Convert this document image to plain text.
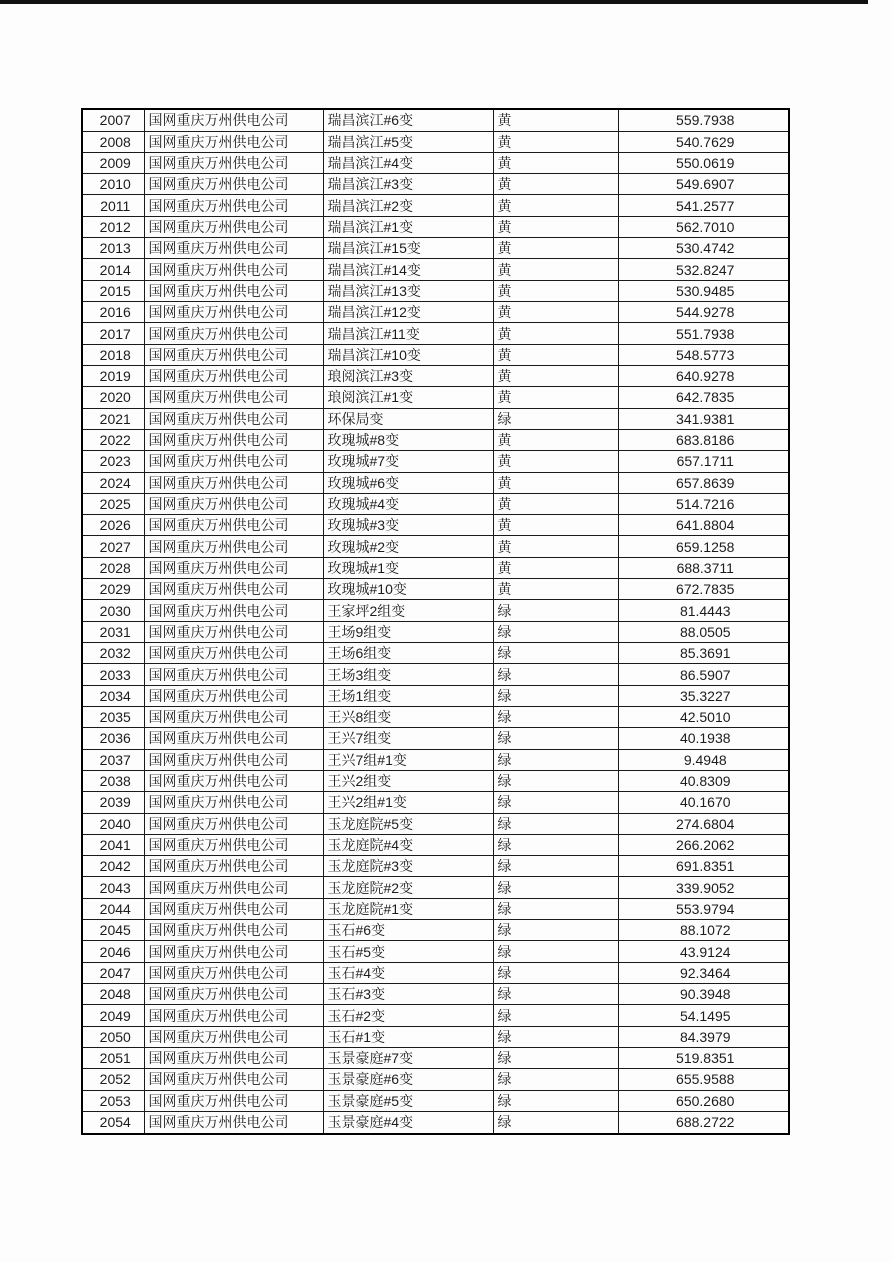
2007	国网重庆万州供电公司	瑞昌滨江#6变	黄	559.7938
2008	国网重庆万州供电公司	瑞昌滨江#5变	黄	540.7629
2009	国网重庆万州供电公司	瑞昌滨江#4变	黄	550.0619
2010	国网重庆万州供电公司	瑞昌滨江#3变	黄	549.6907
2011	国网重庆万州供电公司	瑞昌滨江#2变	黄	541.2577
2012	国网重庆万州供电公司	瑞昌滨江#1变	黄	562.7010
2013	国网重庆万州供电公司	瑞昌滨江#15变	黄	530.4742
2014	国网重庆万州供电公司	瑞昌滨江#14变	黄	532.8247
2015	国网重庆万州供电公司	瑞昌滨江#13变	黄	530.9485
2016	国网重庆万州供电公司	瑞昌滨江#12变	黄	544.9278
2017	国网重庆万州供电公司	瑞昌滨江#11变	黄	551.7938
2018	国网重庆万州供电公司	瑞昌滨江#10变	黄	548.5773
2019	国网重庆万州供电公司	琅阅滨江#3变	黄	640.9278
2020	国网重庆万州供电公司	琅阅滨江#1变	黄	642.7835
2021	国网重庆万州供电公司	环保局变	绿	341.9381
2022	国网重庆万州供电公司	玫瑰城#8变	黄	683.8186
2023	国网重庆万州供电公司	玫瑰城#7变	黄	657.1711
2024	国网重庆万州供电公司	玫瑰城#6变	黄	657.8639
2025	国网重庆万州供电公司	玫瑰城#4变	黄	514.7216
2026	国网重庆万州供电公司	玫瑰城#3变	黄	641.8804
2027	国网重庆万州供电公司	玫瑰城#2变	黄	659.1258
2028	国网重庆万州供电公司	玫瑰城#1变	黄	688.3711
2029	国网重庆万州供电公司	玫瑰城#10变	黄	672.7835
2030	国网重庆万州供电公司	王家坪2组变	绿	81.4443
2031	国网重庆万州供电公司	王场9组变	绿	88.0505
2032	国网重庆万州供电公司	王场6组变	绿	85.3691
2033	国网重庆万州供电公司	王场3组变	绿	86.5907
2034	国网重庆万州供电公司	王场1组变	绿	35.3227
2035	国网重庆万州供电公司	王兴8组变	绿	42.5010
2036	国网重庆万州供电公司	王兴7组变	绿	40.1938
2037	国网重庆万州供电公司	王兴7组#1变	绿	9.4948
2038	国网重庆万州供电公司	王兴2组变	绿	40.8309
2039	国网重庆万州供电公司	王兴2组#1变	绿	40.1670
2040	国网重庆万州供电公司	玉龙庭院#5变	绿	274.6804
2041	国网重庆万州供电公司	玉龙庭院#4变	绿	266.2062
2042	国网重庆万州供电公司	玉龙庭院#3变	绿	691.8351
2043	国网重庆万州供电公司	玉龙庭院#2变	绿	339.9052
2044	国网重庆万州供电公司	玉龙庭院#1变	绿	553.9794
2045	国网重庆万州供电公司	玉石#6变	绿	88.1072
2046	国网重庆万州供电公司	玉石#5变	绿	43.9124
2047	国网重庆万州供电公司	玉石#4变	绿	92.3464
2048	国网重庆万州供电公司	玉石#3变	绿	90.3948
2049	国网重庆万州供电公司	玉石#2变	绿	54.1495
2050	国网重庆万州供电公司	玉石#1变	绿	84.3979
2051	国网重庆万州供电公司	玉景豪庭#7变	绿	519.8351
2052	国网重庆万州供电公司	玉景豪庭#6变	绿	655.9588
2053	国网重庆万州供电公司	玉景豪庭#5变	绿	650.2680
2054	国网重庆万州供电公司	玉景豪庭#4变	绿	688.2722
